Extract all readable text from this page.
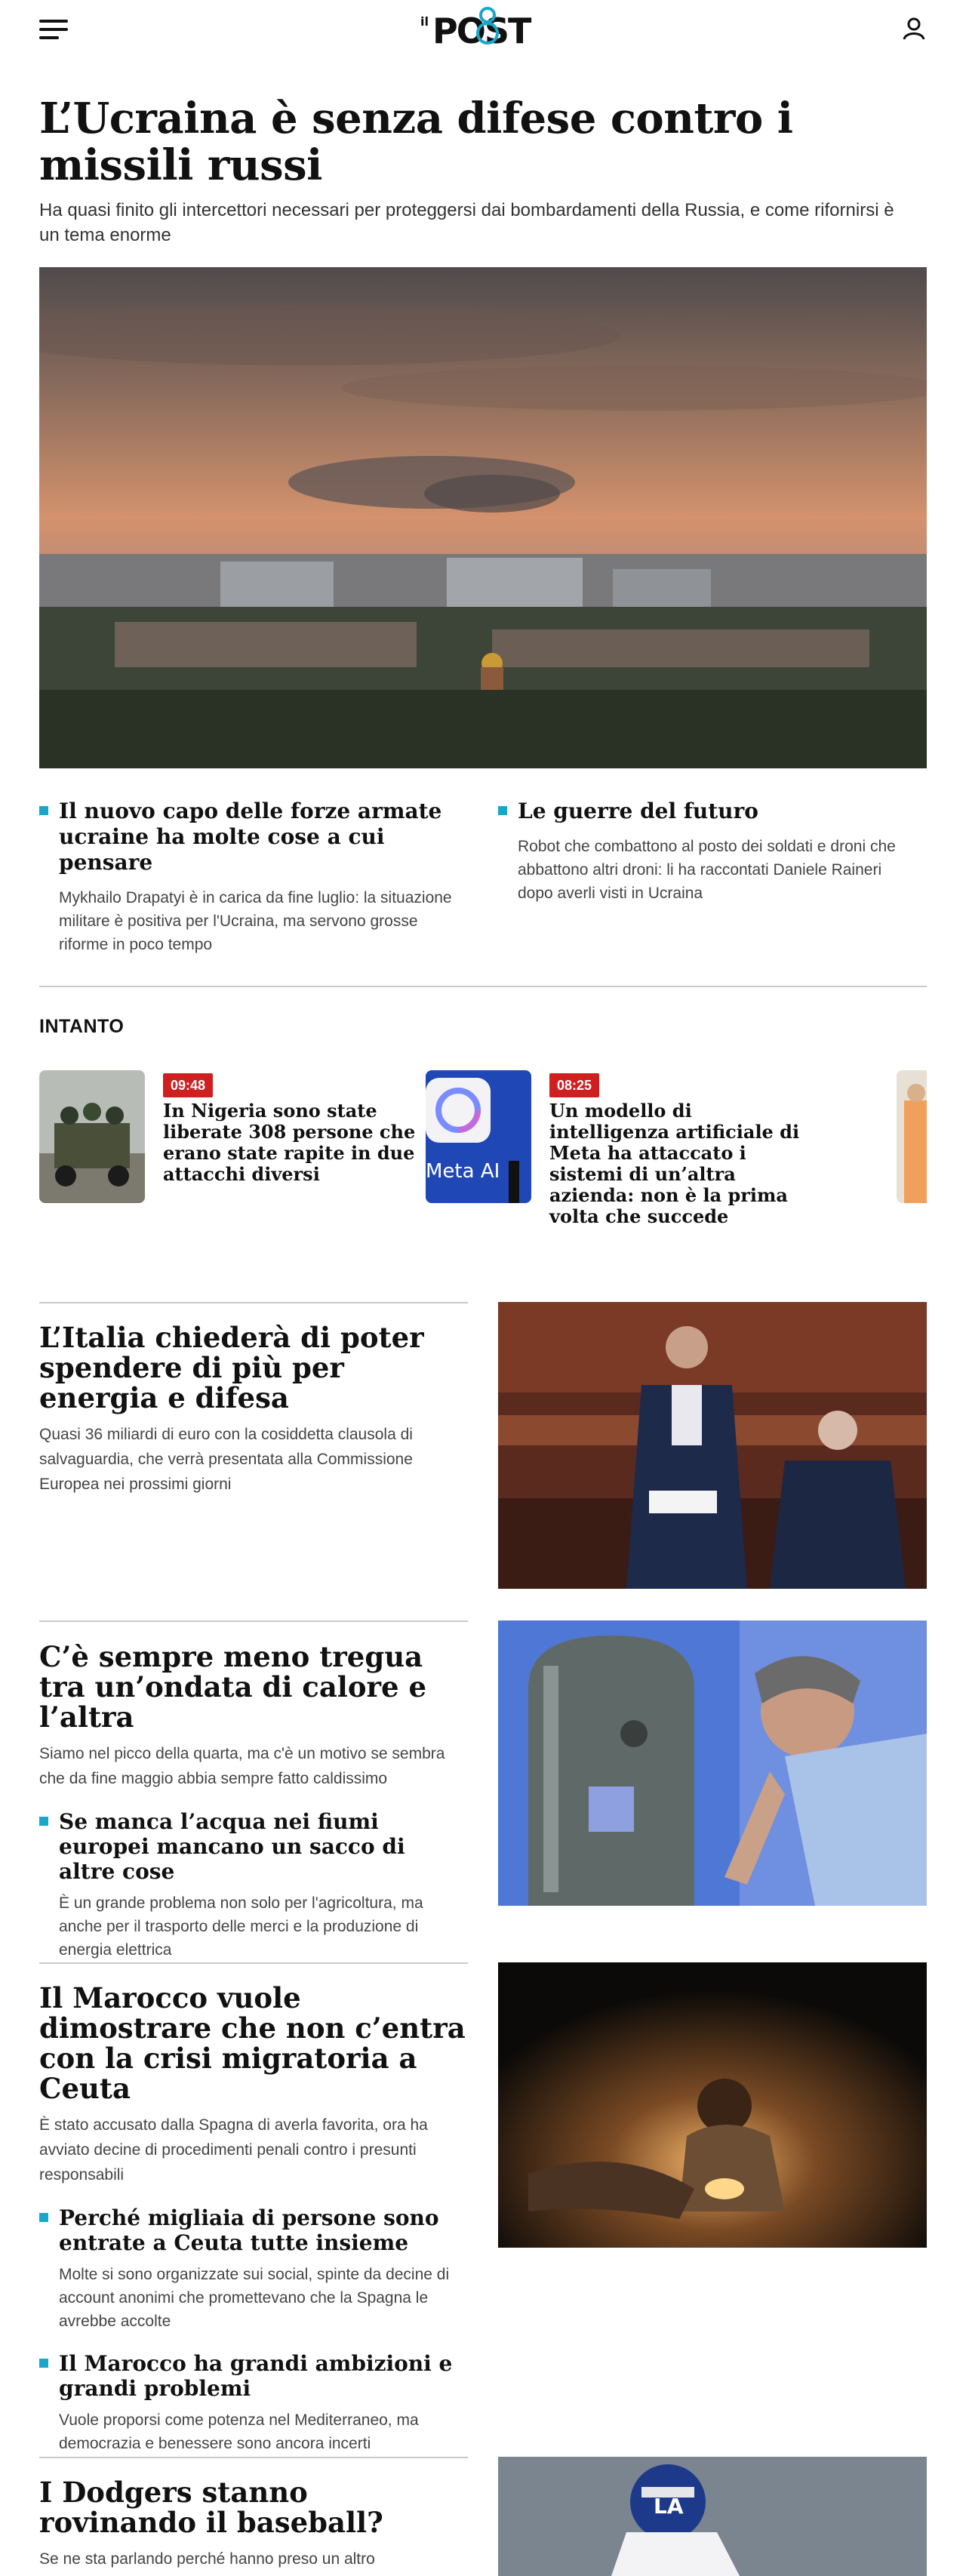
il POST
L’Ucraina è senza difese contro i missili russi

Ha quasi finito gli intercettori necessari per proteggersi dai bombardamenti della Russia, e come rifornirsi è un tema enorme

Il nuovo capo delle forze armate ucraine ha molte cose a cui pensare

Mykhailo Drapatyi è in carica da fine luglio: la situazione militare è positiva per l'Ucraina, ma servono grosse riforme in poco tempo

Le guerre del futuro

Robot che combattono al posto dei soldati e droni che abbattono altri droni: li ha raccontati Daniele Raineri dopo averli visti in Ucraina

INTANTO
09:48
In Nigeria sono state liberate 308 persone che erano state rapite in due attacchi diversi	Meta AI
08:25
Un modello di intelligenza artificiale di Meta ha attaccato i sistemi di un’altra azienda: non è la prima volta che succede
L’Italia chiederà di poter spendere di più per energia e difesa

Quasi 36 miliardi di euro con la cosiddetta clausola di salvaguardia, che verrà presentata alla Commissione Europea nei prossimi giorni

C’è sempre meno tregua tra un’ondata di calore e l’altra

Siamo nel picco della quarta, ma c'è un motivo se sembra che da fine maggio abbia sempre fatto caldissimo

Se manca l’acqua nei fiumi europei mancano un sacco di altre cose

È un grande problema non solo per l'agricoltura, ma anche per il trasporto delle merci e la produzione di energia elettrica

Il Marocco vuole dimostrare che non c’entra con la crisi migratoria a Ceuta

È stato accusato dalla Spagna di averla favorita, ora ha avviato decine di procedimenti penali contro i presunti responsabili

Perché migliaia di persone sono entrate a Ceuta tutte insieme

Molte si sono organizzate sui social, spinte da decine di account anonimi che promettevano che la Spagna le avrebbe accolte

Il Marocco ha grandi ambizioni e grandi problemi

Vuole proporsi come potenza nel Mediterraneo, ma democrazia e benessere sono ancora incerti

I Dodgers stanno rovinando il baseball?

Se ne sta parlando perché hanno preso un altro

LA
